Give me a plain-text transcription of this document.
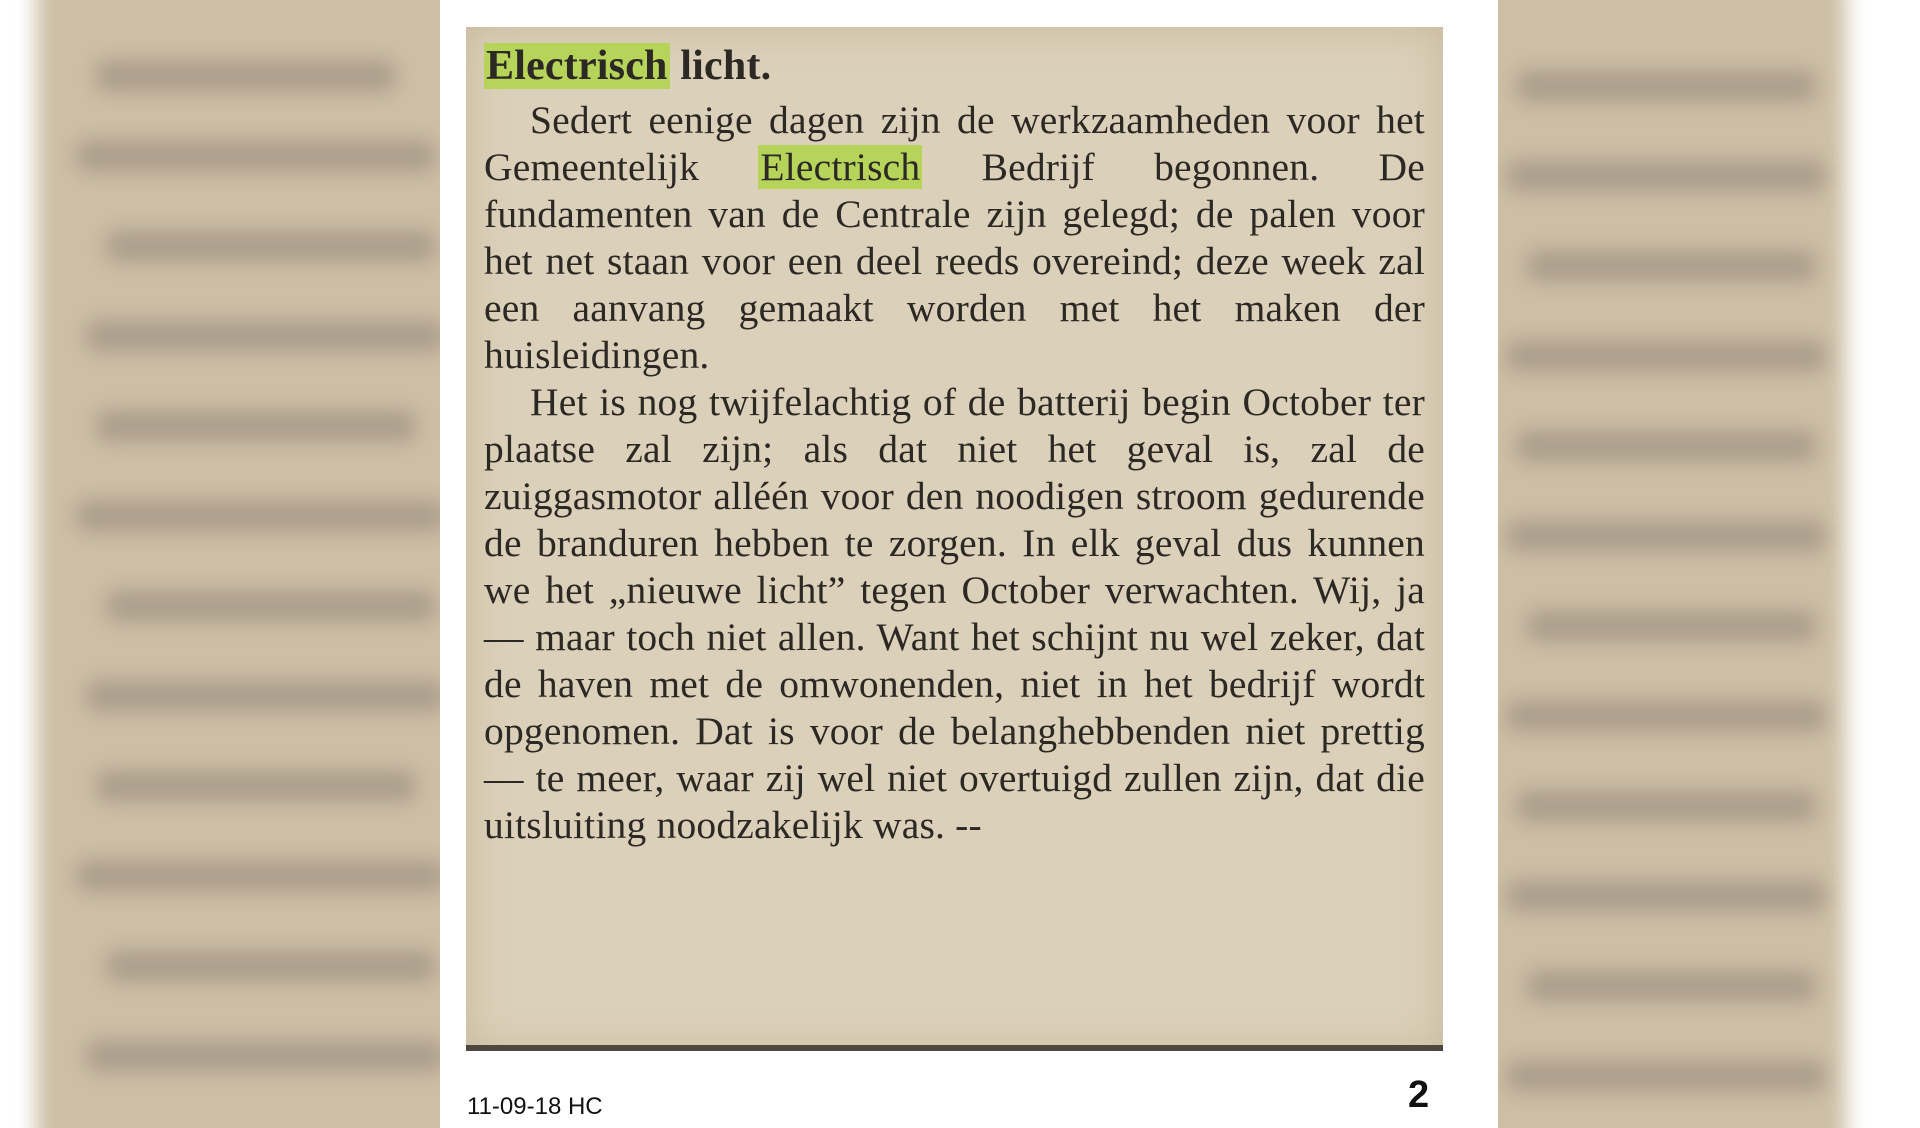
Electrisch licht.

Sedert eenige dagen zijn de werkzaamheden voor het Gemeentelijk Electrisch Bedrijf begonnen. De fundamenten van de Centrale zijn gelegd; de palen voor het net staan voor een deel reeds overeind; deze week zal een aanvang gemaakt worden met het maken der huisleidingen.

Het is nog twijfelachtig of de batterij begin October ter plaatse zal zijn; als dat niet het geval is, zal de zuiggasmotor alléén voor den noodigen stroom gedurende de branduren hebben te zorgen. In elk geval dus kunnen we het „nieuwe licht” tegen October verwachten. Wij, ja — maar toch niet allen. Want het schijnt nu wel zeker, dat de haven met de omwonenden, niet in het bedrijf wordt opgenomen. Dat is voor de belanghebbenden niet prettig — te meer, waar zij wel niet overtuigd zullen zijn, dat die uitsluiting noodzakelijk was. --

11-09-18 HC	2
